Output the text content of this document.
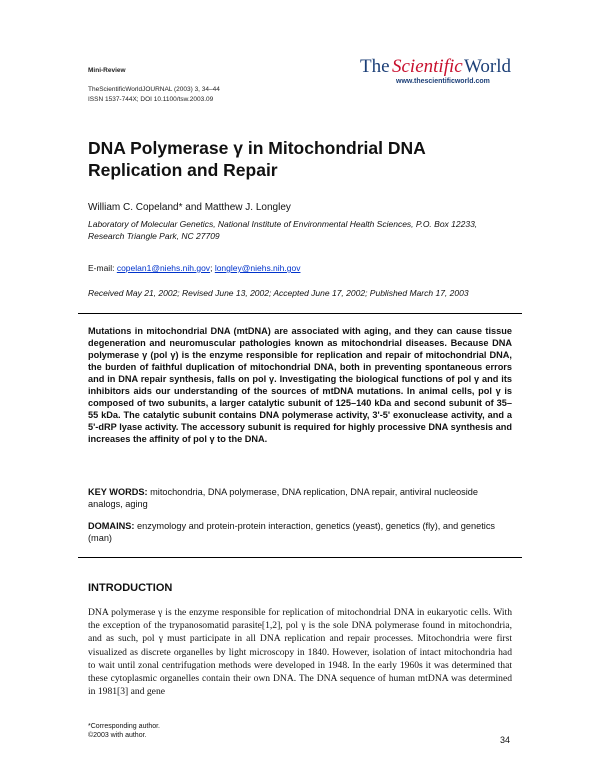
Mini-Review
TheScientificWorldJOURNAL (2003) 3, 34–44
ISSN 1537-744X; DOI 10.1100/tsw.2003.09
The Scientific World
www.thescientificworld.com
DNA Polymerase γ in Mitochondrial DNA Replication and Repair
William C. Copeland* and Matthew J. Longley
Laboratory of Molecular Genetics, National Institute of Environmental Health Sciences, P.O. Box 12233, Research Triangle Park, NC 27709
E-mail: copelan1@niehs.nih.gov; longley@niehs.nih.gov
Received May 21, 2002; Revised June 13, 2002; Accepted June 17, 2002; Published March 17, 2003

Mutations in mitochondrial DNA (mtDNA) are associated with aging, and they can cause tissue degeneration and neuromuscular pathologies known as mitochondrial diseases. Because DNA polymerase γ (pol γ) is the enzyme responsible for replication and repair of mitochondrial DNA, the burden of faithful duplication of mitochondrial DNA, both in preventing spontaneous errors and in DNA repair synthesis, falls on pol γ. Investigating the biological functions of pol γ and its inhibitors aids our understanding of the sources of mtDNA mutations. In animal cells, pol γ is composed of two subunits, a larger catalytic subunit of 125–140 kDa and second subunit of 35–55 kDa. The catalytic subunit contains DNA polymerase activity, 3'-5' exonuclease activity, and a 5'-dRP lyase activity. The accessory subunit is required for highly processive DNA synthesis and increases the affinity of pol γ to the DNA.

KEY WORDS: mitochondria, DNA polymerase, DNA replication, DNA repair, antiviral nucleoside analogs, aging

DOMAINS: enzymology and protein-protein interaction, genetics (yeast), genetics (fly), and genetics (man)

INTRODUCTION

DNA polymerase γ is the enzyme responsible for replication of mitochondrial DNA in eukaryotic cells. With the exception of the trypanosomatid parasite[1,2], pol γ is the sole DNA polymerase found in mitochondria, and as such, pol γ must participate in all DNA replication and repair processes. Mitochondria were first visualized as discrete organelles by light microscopy in 1840. However, isolation of intact mitochondria had to wait until zonal centrifugation methods were developed in 1948. In the early 1960s it was determined that these cytoplasmic organelles contain their own DNA. The DNA sequence of human mtDNA was determined in 1981[3] and gene

*Corresponding author.
©2003 with author.	34
